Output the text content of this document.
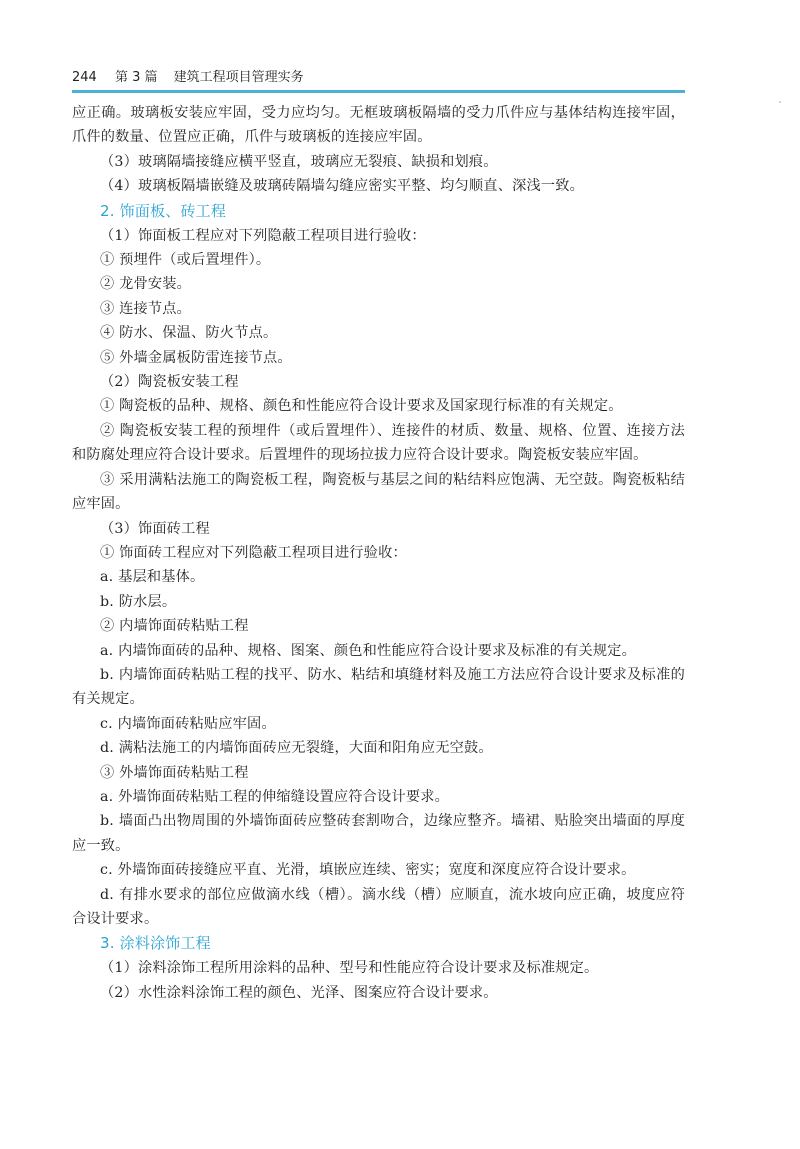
244 第 3 篇 建筑工程项目管理实务

应正确。玻璃板安装应牢固，受力应均匀。无框玻璃板隔墙的受力爪件应与基体结构连接牢固，爪件的数量、位置应正确，爪件与玻璃板的连接应牢固。

（3）玻璃隔墙接缝应横平竖直，玻璃应无裂痕、缺损和划痕。

（4）玻璃板隔墙嵌缝及玻璃砖隔墙勾缝应密实平整、均匀顺直、深浅一致。

2. 饰面板、砖工程

（1）饰面板工程应对下列隐蔽工程项目进行验收：

① 预埋件（或后置埋件）。

② 龙骨安装。

③ 连接节点。

④ 防水、保温、防火节点。

⑤ 外墙金属板防雷连接节点。

（2）陶瓷板安装工程

① 陶瓷板的品种、规格、颜色和性能应符合设计要求及国家现行标准的有关规定。

② 陶瓷板安装工程的预埋件（或后置埋件）、连接件的材质、数量、规格、位置、连接方法和防腐处理应符合设计要求。后置埋件的现场拉拔力应符合设计要求。陶瓷板安装应牢固。

③ 采用满粘法施工的陶瓷板工程，陶瓷板与基层之间的粘结料应饱满、无空鼓。陶瓷板粘结应牢固。

（3）饰面砖工程

① 饰面砖工程应对下列隐蔽工程项目进行验收：

a. 基层和基体。

b. 防水层。

② 内墙饰面砖粘贴工程

a. 内墙饰面砖的品种、规格、图案、颜色和性能应符合设计要求及标准的有关规定。

b. 内墙饰面砖粘贴工程的找平、防水、粘结和填缝材料及施工方法应符合设计要求及标准的有关规定。

c. 内墙饰面砖粘贴应牢固。

d. 满粘法施工的内墙饰面砖应无裂缝，大面和阳角应无空鼓。

③ 外墙饰面砖粘贴工程

a. 外墙饰面砖粘贴工程的伸缩缝设置应符合设计要求。

b. 墙面凸出物周围的外墙饰面砖应整砖套割吻合，边缘应整齐。墙裙、贴脸突出墙面的厚度应一致。

c. 外墙饰面砖接缝应平直、光滑，填嵌应连续、密实；宽度和深度应符合设计要求。

d. 有排水要求的部位应做滴水线（槽）。滴水线（槽）应顺直，流水坡向应正确，坡度应符合设计要求。

3. 涂料涂饰工程

（1）涂料涂饰工程所用涂料的品种、型号和性能应符合设计要求及标准规定。

（2）水性涂料涂饰工程的颜色、光泽、图案应符合设计要求。
